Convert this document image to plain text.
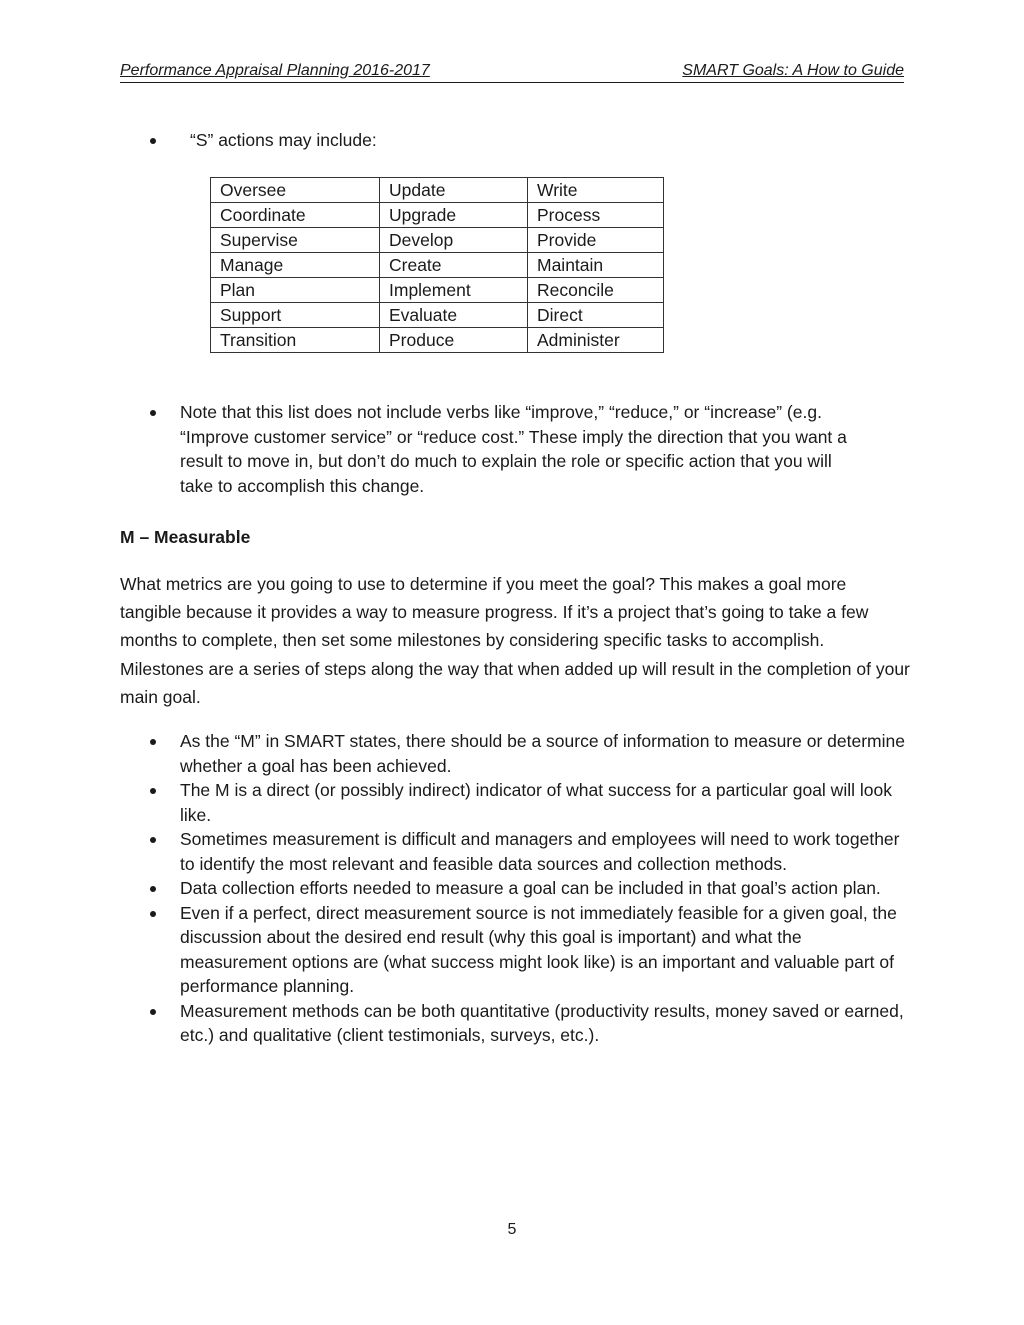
Performance Appraisal Planning 2016-2017	SMART Goals: A How to Guide
“S” actions may include:
Oversee	Update	Write
Coordinate	Upgrade	Process
Supervise	Develop	Provide
Manage	Create	Maintain
Plan	Implement	Reconcile
Support	Evaluate	Direct
Transition	Produce	Administer
Note that this list does not include verbs like “improve,” “reduce,” or “increase” (e.g.
“Improve customer service” or “reduce cost.” These imply the direction that you want a
result to move in, but don’t do much to explain the role or specific action that you will
take to accomplish this change.
M – Measurable
What metrics are you going to use to determine if you meet the goal? This makes a goal more tangible because it provides a way to measure progress. If it’s a project that’s going to take a few months to complete, then set some milestones by considering specific tasks to accomplish. Milestones are a series of steps along the way that when added up will result in the completion of your main goal.
As the “M” in SMART states, there should be a source of information to measure or determine whether a goal has been achieved.
The M is a direct (or possibly indirect) indicator of what success for a particular goal will look like.
Sometimes measurement is difficult and managers and employees will need to work together to identify the most relevant and feasible data sources and collection methods.
Data collection efforts needed to measure a goal can be included in that goal’s action plan.
Even if a perfect, direct measurement source is not immediately feasible for a given goal, the discussion about the desired end result (why this goal is important) and what the measurement options are (what success might look like) is an important and valuable part of performance planning.
Measurement methods can be both quantitative (productivity results, money saved or earned, etc.) and qualitative (client testimonials, surveys, etc.).
5
